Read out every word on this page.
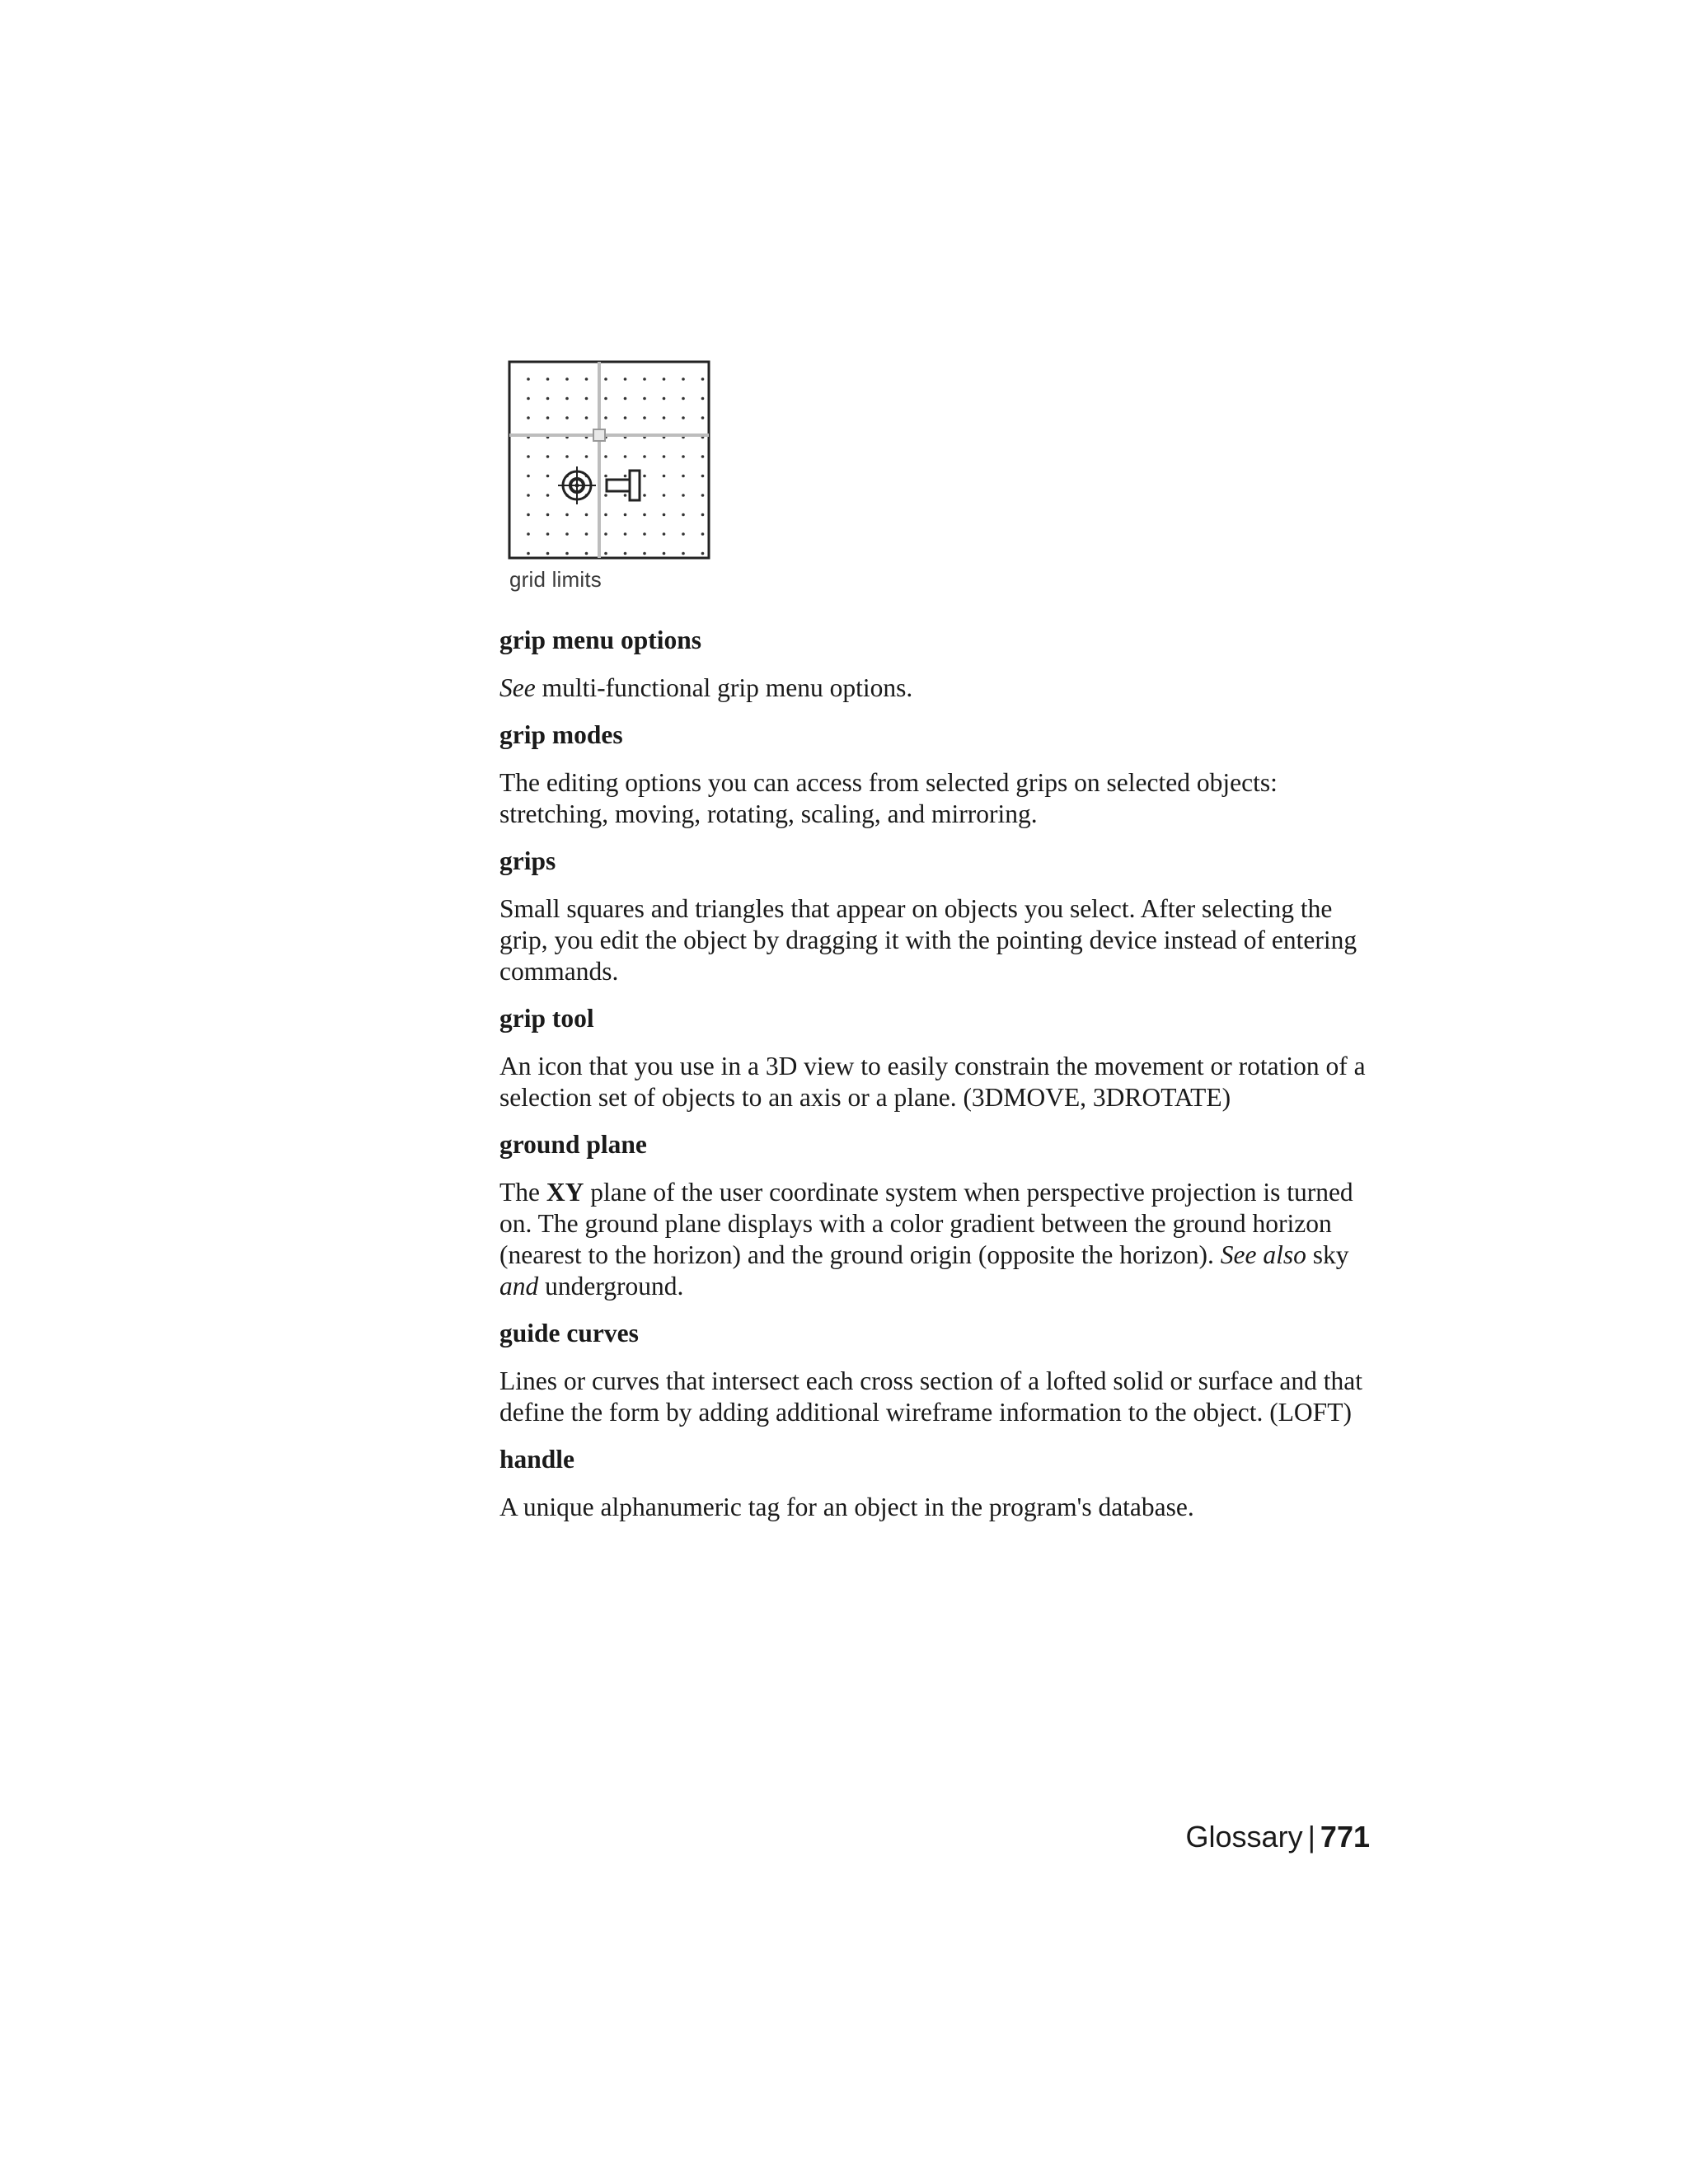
grid limits

grip menu options

See multi-functional grip menu options.

grip modes

The editing options you can access from selected grips on selected objects: stretching, moving, rotating, scaling, and mirroring.

grips

Small squares and triangles that appear on objects you select. After selecting the grip, you edit the object by dragging it with the pointing device instead of entering commands.

grip tool

An icon that you use in a 3D view to easily constrain the movement or rotation of a selection set of objects to an axis or a plane. (3DMOVE, 3DROTATE)

ground plane

The XY plane of the user coordinate system when perspective projection is turned on. The ground plane displays with a color gradient between the ground horizon (nearest to the horizon) and the ground origin (opposite the horizon). See also sky and underground.

guide curves

Lines or curves that intersect each cross section of a lofted solid or surface and that define the form by adding additional wireframe information to the object. (LOFT)

handle

A unique alphanumeric tag for an object in the program's database.

Glossary | 771
